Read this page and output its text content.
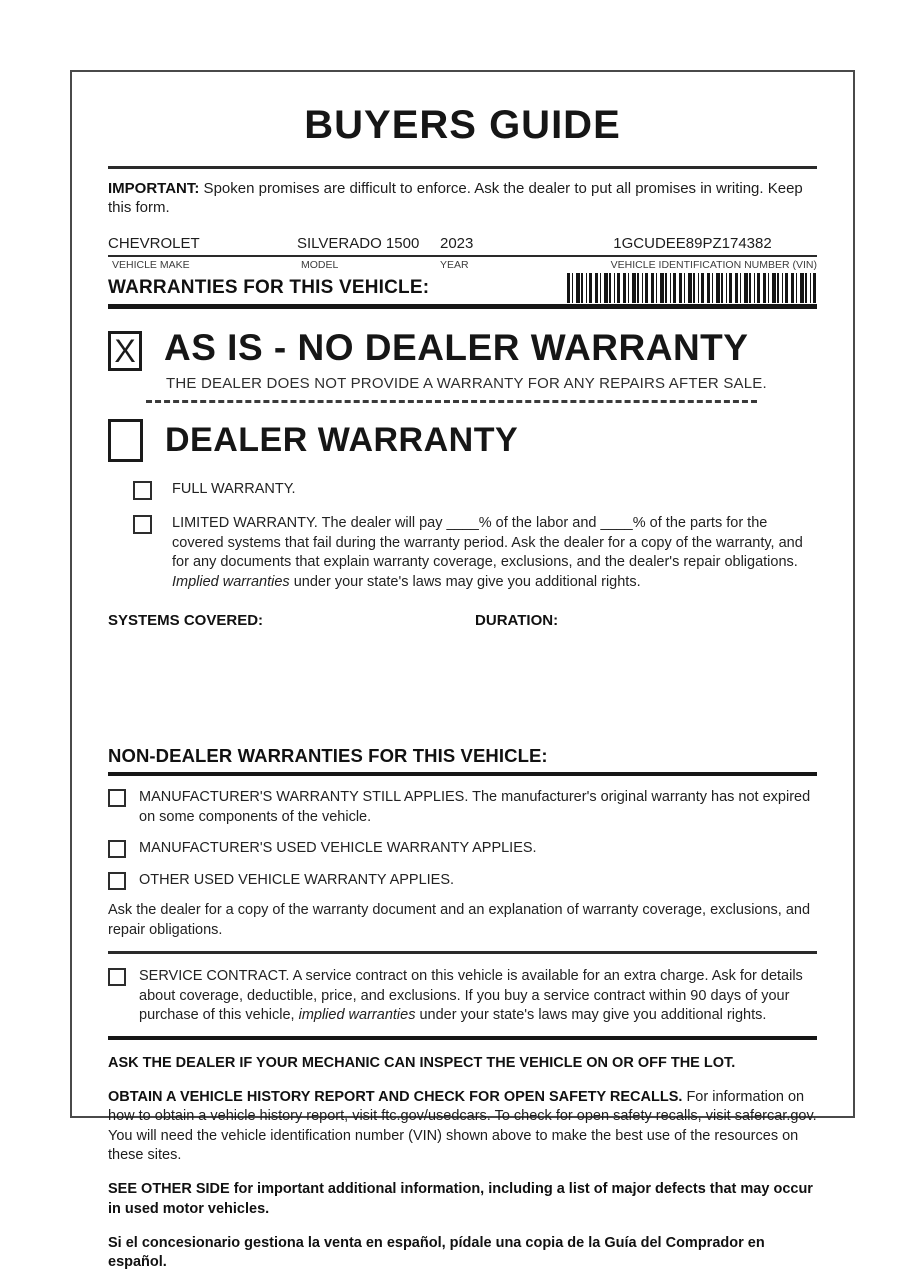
BUYERS GUIDE

IMPORTANT: Spoken promises are difficult to enforce. Ask the dealer to put all promises in writing. Keep this form.

CHEVROLET	SILVERADO 1500	2023	1GCUDEE89PZ174382
VEHICLE MAKE	MODEL	YEAR	VEHICLE IDENTIFICATION NUMBER (VIN)
WARRANTIES FOR THIS VEHICLE:
X AS IS - NO DEALER WARRANTY
THE DEALER DOES NOT PROVIDE A WARRANTY FOR ANY REPAIRS AFTER SALE.
DEALER WARRANTY
FULL WARRANTY.
LIMITED WARRANTY. The dealer will pay ____% of the labor and ____% of the parts for the covered systems that fail during the warranty period. Ask the dealer for a copy of the warranty, and for any documents that explain warranty coverage, exclusions, and the dealer's repair obligations. Implied warranties under your state's laws may give you additional rights.
SYSTEMS COVERED:	DURATION:
NON-DEALER WARRANTIES FOR THIS VEHICLE:
MANUFACTURER'S WARRANTY STILL APPLIES. The manufacturer's original warranty has not expired on some components of the vehicle.
MANUFACTURER'S USED VEHICLE WARRANTY APPLIES.
OTHER USED VEHICLE WARRANTY APPLIES.
Ask the dealer for a copy of the warranty document and an explanation of warranty coverage, exclusions, and repair obligations.
SERVICE CONTRACT. A service contract on this vehicle is available for an extra charge. Ask for details about coverage, deductible, price, and exclusions. If you buy a service contract within 90 days of your purchase of this vehicle, implied warranties under your state's laws may give you additional rights.

ASK THE DEALER IF YOUR MECHANIC CAN INSPECT THE VEHICLE ON OR OFF THE LOT.

OBTAIN A VEHICLE HISTORY REPORT AND CHECK FOR OPEN SAFETY RECALLS. For information on how to obtain a vehicle history report, visit ftc.gov/usedcars. To check for open safety recalls, visit safercar.gov. You will need the vehicle identification number (VIN) shown above to make the best use of the resources on these sites.

SEE OTHER SIDE for important additional information, including a list of major defects that may occur in used motor vehicles.

Si el concesionario gestiona la venta en español, pídale una copia de la Guía del Comprador en español.
